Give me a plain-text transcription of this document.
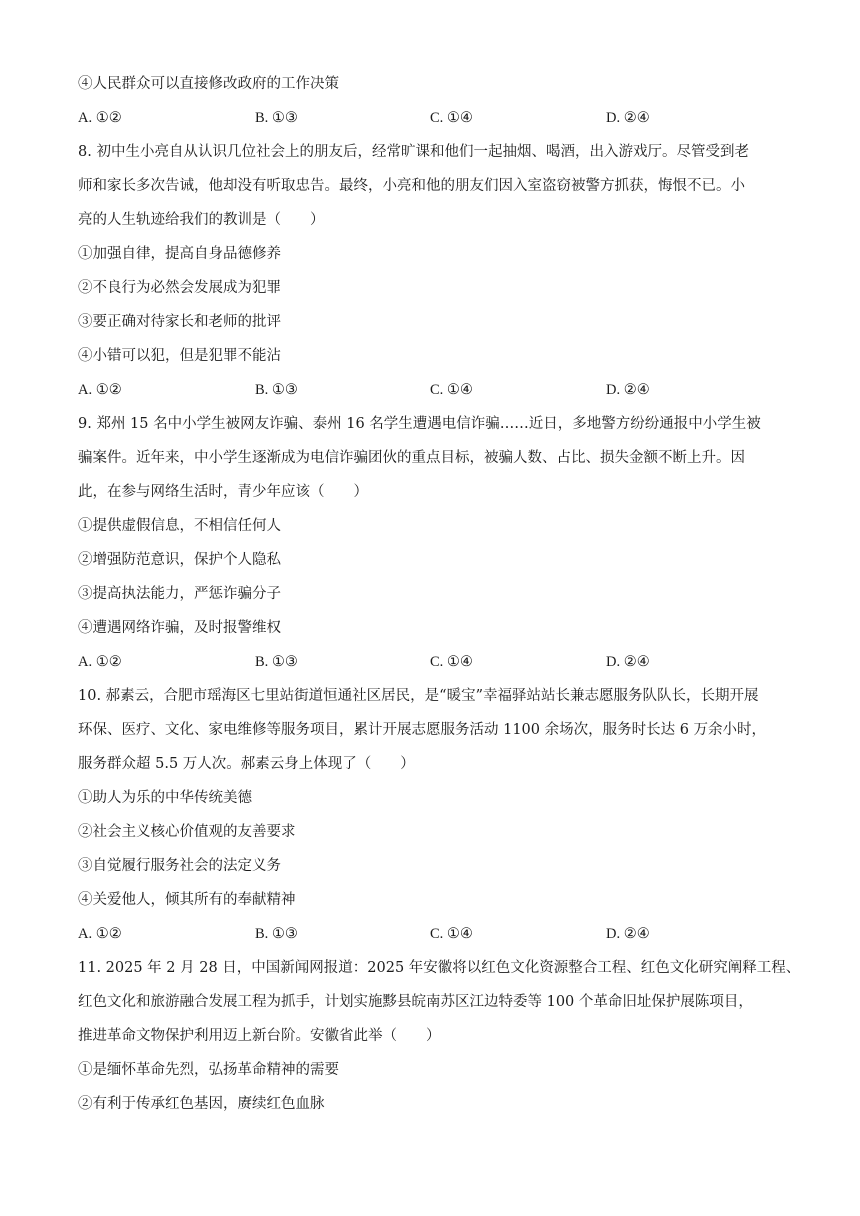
④人民群众可以直接修改政府的工作决策
A. ①②	B. ①③	C. ①④	D. ②④
8. 初中生小亮自从认识几位社会上的朋友后，经常旷课和他们一起抽烟、喝酒，出入游戏厅。尽管受到老
师和家长多次告诫，他却没有听取忠告。最终，小亮和他的朋友们因入室盗窃被警方抓获，悔恨不已。小
亮的人生轨迹给我们的教训是（　　）
①加强自律，提高自身品德修养
②不良行为必然会发展成为犯罪
③要正确对待家长和老师的批评
④小错可以犯，但是犯罪不能沾
A. ①②	B. ①③	C. ①④	D. ②④
9. 郑州 15 名中小学生被网友诈骗、泰州 16 名学生遭遇电信诈骗……近日，多地警方纷纷通报中小学生被
骗案件。近年来，中小学生逐渐成为电信诈骗团伙的重点目标，被骗人数、占比、损失金额不断上升。因
此，在参与网络生活时，青少年应该（　　）
①提供虚假信息，不相信任何人
②增强防范意识，保护个人隐私
③提高执法能力，严惩诈骗分子
④遭遇网络诈骗，及时报警维权
A. ①②	B. ①③	C. ①④	D. ②④
10. 郝素云，合肥市瑶海区七里站街道恒通社区居民，是“暖宝”幸福驿站站长兼志愿服务队队长，长期开展
环保、医疗、文化、家电维修等服务项目，累计开展志愿服务活动 1100 余场次，服务时长达 6 万余小时，
服务群众超 5.5 万人次。郝素云身上体现了（　　）
①助人为乐的中华传统美德
②社会主义核心价值观的友善要求
③自觉履行服务社会的法定义务
④关爱他人，倾其所有的奉献精神
A. ①②	B. ①③	C. ①④	D. ②④
11. 2025 年 2 月 28 日，中国新闻网报道：2025 年安徽将以红色文化资源整合工程、红色文化研究阐释工程、
红色文化和旅游融合发展工程为抓手，计划实施黟县皖南苏区江边特委等 100 个革命旧址保护展陈项目，
推进革命文物保护利用迈上新台阶。安徽省此举（　　）
①是缅怀革命先烈，弘扬革命精神的需要
②有利于传承红色基因，赓续红色血脉
